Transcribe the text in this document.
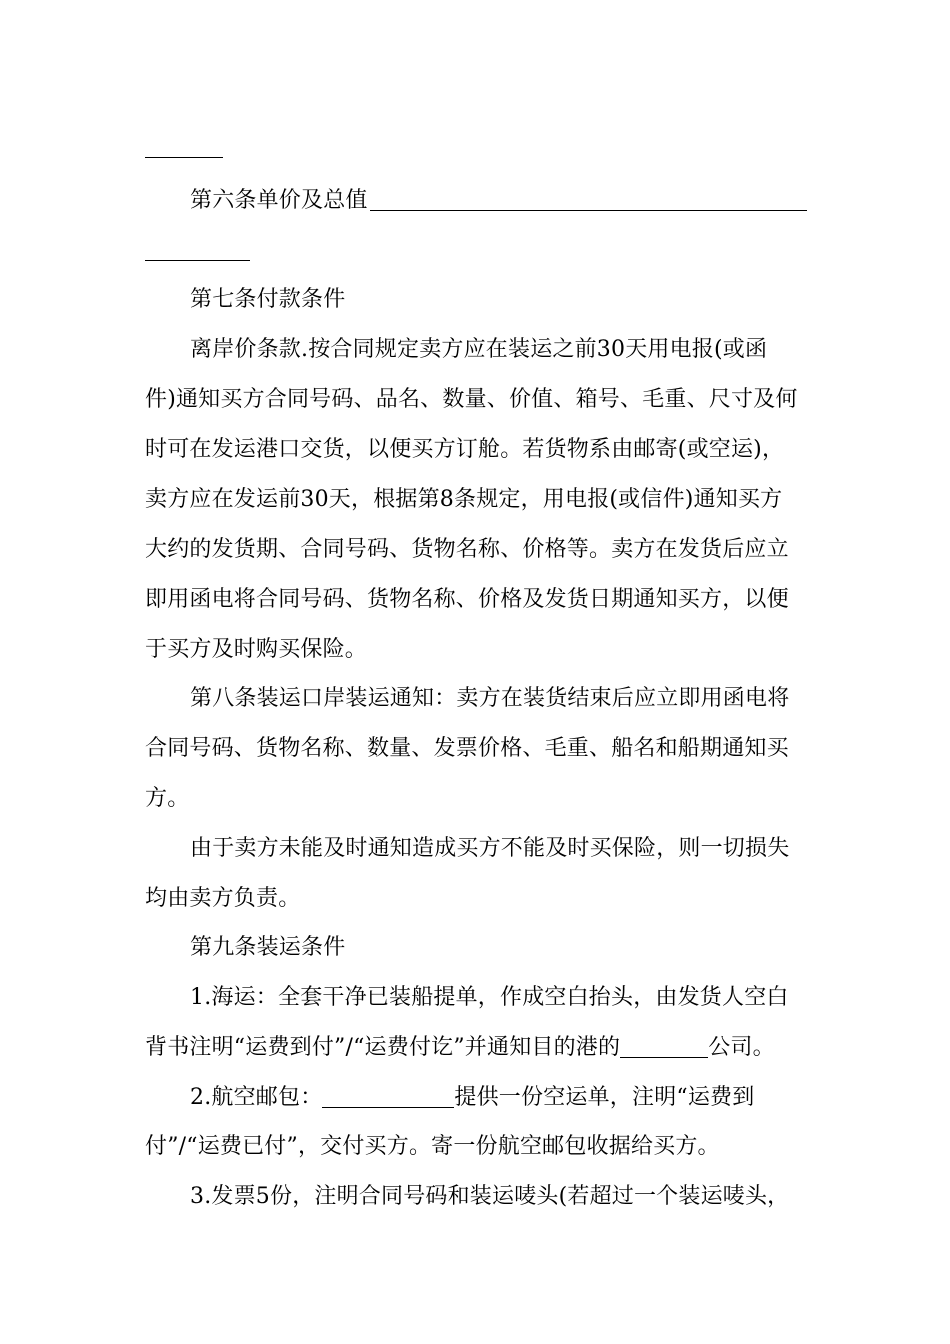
第六条单价及总值
第七条付款条件
离岸价条款.按合同规定卖方应在装运之前30天用电报(或函
件)通知买方合同号码、品名、数量、价值、箱号、毛重、尺寸及何
时可在发运港口交货，以便买方订舱。若货物系由邮寄(或空运)，
卖方应在发运前30天，根据第8条规定，用电报(或信件)通知买方
大约的发货期、合同号码、货物名称、价格等。卖方在发货后应立
即用函电将合同号码、货物名称、价格及发货日期通知买方，以便
于买方及时购买保险。
第八条装运口岸装运通知：卖方在装货结束后应立即用函电将
合同号码、货物名称、数量、发票价格、毛重、船名和船期通知买
方。
由于卖方未能及时通知造成买方不能及时买保险，则一切损失
均由卖方负责。
第九条装运条件
1.海运：全套干净已装船提单，作成空白抬头，由发货人空白
背书注明“运费到付”/“运费付讫”并通知目的港的	公司。
2.航空邮包：	提供一份空运单，注明“运费到
付”/“运费已付”，交付买方。寄一份航空邮包收据给买方。
3.发票5份，注明合同号码和装运唛头(若超过一个装运唛头，
